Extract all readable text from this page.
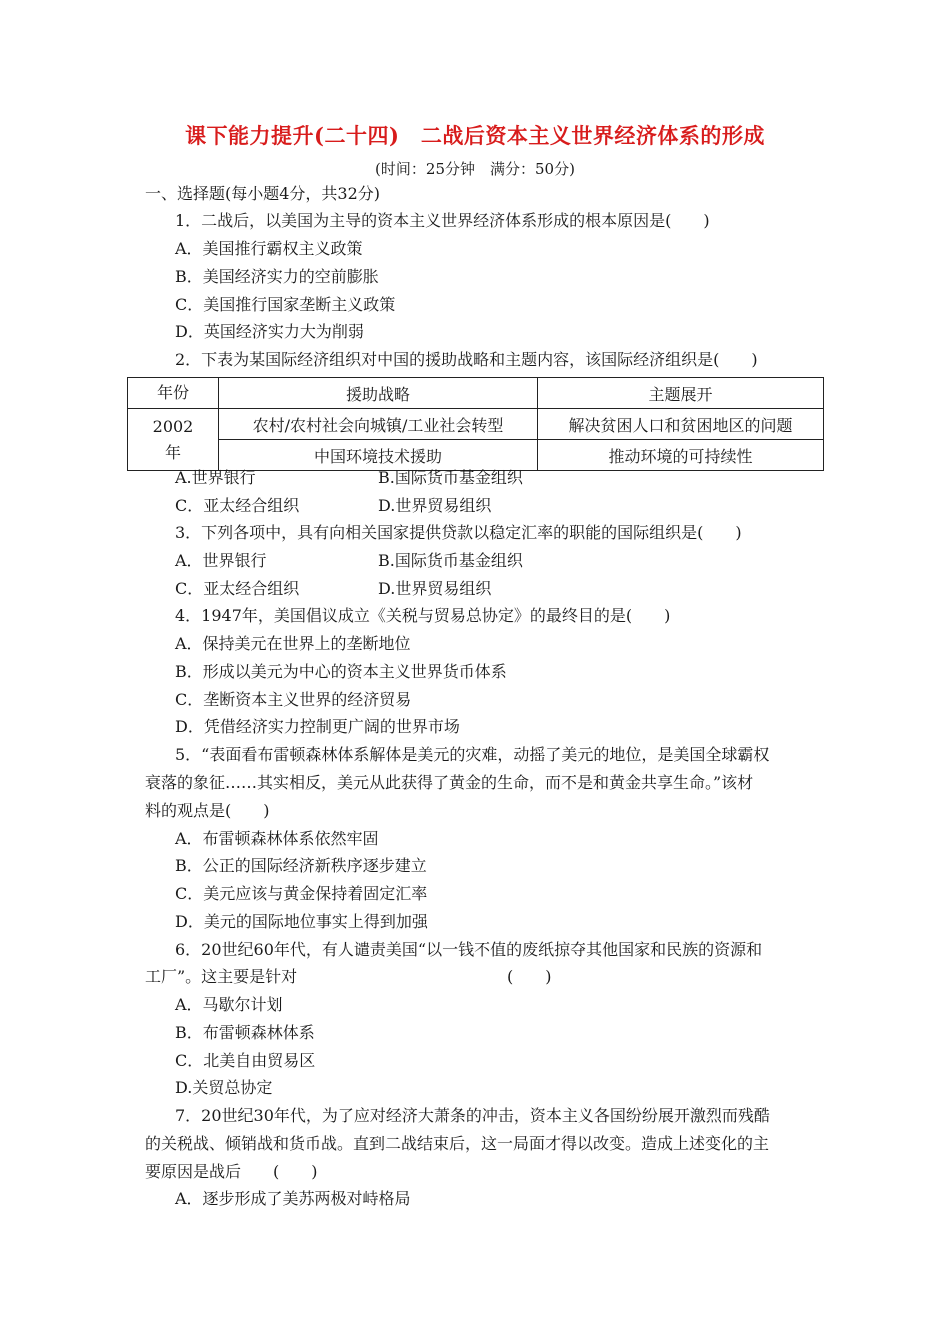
课下能力提升(二十四)　二战后资本主义世界经济体系的形成
(时间：25分钟　满分：50分)
一、选择题(每小题4分，共32分)
1．二战后，以美国为主导的资本主义世界经济体系形成的根本原因是(　　)
A．美国推行霸权主义政策
B．美国经济实力的空前膨胀
C．美国推行国家垄断主义政策
D．英国经济实力大为削弱
2．下表为某国际经济组织对中国的援助战略和主题内容，该国际经济组织是(　　)
年份	援助战略	主题展开

2002
年	农村/农村社会向城镇/工业社会转型	解决贫困人口和贫困地区的问题
	中国环境技术援助	推动环境的可持续性
A.世界银行	B.国际货币基金组织
C．亚太经合组织	D.世界贸易组织
3．下列各项中，具有向相关国家提供贷款以稳定汇率的职能的国际组织是(　　)
A．世界银行	B.国际货币基金组织
C．亚太经合组织	D.世界贸易组织
4．1947年，美国倡议成立《关税与贸易总协定》的最终目的是(　　)
A．保持美元在世界上的垄断地位
B．形成以美元为中心的资本主义世界货币体系
C．垄断资本主义世界的经济贸易
D．凭借经济实力控制更广阔的世界市场
5．“表面看布雷顿森林体系解体是美元的灾难，动摇了美元的地位，是美国全球霸权
衰落的象征……其实相反，美元从此获得了黄金的生命，而不是和黄金共享生命。”该材
料的观点是(　　)
A．布雷顿森林体系依然牢固
B．公正的国际经济新秩序逐步建立
C．美元应该与黄金保持着固定汇率
D．美元的国际地位事实上得到加强
6．20世纪60年代，有人谴责美国“以一钱不值的废纸掠夺其他国家和民族的资源和
工厂”。这主要是针对	(　　)
A．马歇尔计划
B．布雷顿森林体系
C．北美自由贸易区
D.关贸总协定
7．20世纪30年代，为了应对经济大萧条的冲击，资本主义各国纷纷展开激烈而残酷
的关税战、倾销战和货币战。直到二战结束后，这一局面才得以改变。造成上述变化的主
要原因是战后　　(　　)
A．逐步形成了美苏两极对峙格局
